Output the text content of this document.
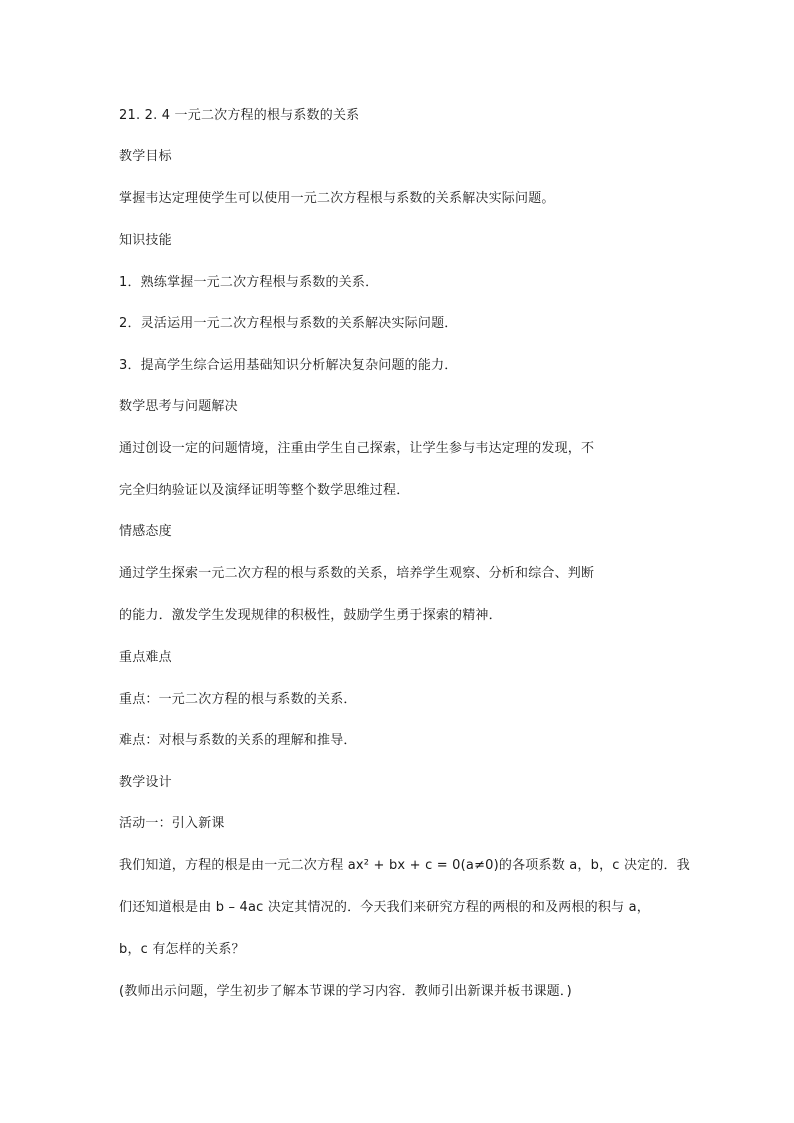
21. 2. 4 一元二次方程的根与系数的关系
教学目标
掌握韦达定理使学生可以使用一元二次方程根与系数的关系解决实际问题。
知识技能
1．熟练掌握一元二次方程根与系数的关系．
2．灵活运用一元二次方程根与系数的关系解决实际问题．
3．提高学生综合运用基础知识分析解决复杂问题的能力．
数学思考与问题解决
通过创设一定的问题情境，注重由学生自己探索，让学生参与韦达定理的发现，不
完全归纳验证以及演绎证明等整个数学思维过程．
情感态度
通过学生探索一元二次方程的根与系数的关系，培养学生观察、分析和综合、判断
的能力．激发学生发现规律的积极性，鼓励学生勇于探索的精神．
重点难点
重点：一元二次方程的根与系数的关系．
难点：对根与系数的关系的理解和推导．
教学设计
活动一：引入新课
我们知道，方程的根是由一元二次方程 ax² + bx + c = 0(a≠0)的各项系数 a，b，c 决定的．我
们还知道根是由 b – 4ac 决定其情况的．今天我们来研究方程的两根的和及两根的积与 a，
b，c 有怎样的关系？
(教师出示问题，学生初步了解本节课的学习内容．教师引出新课并板书课题．)
